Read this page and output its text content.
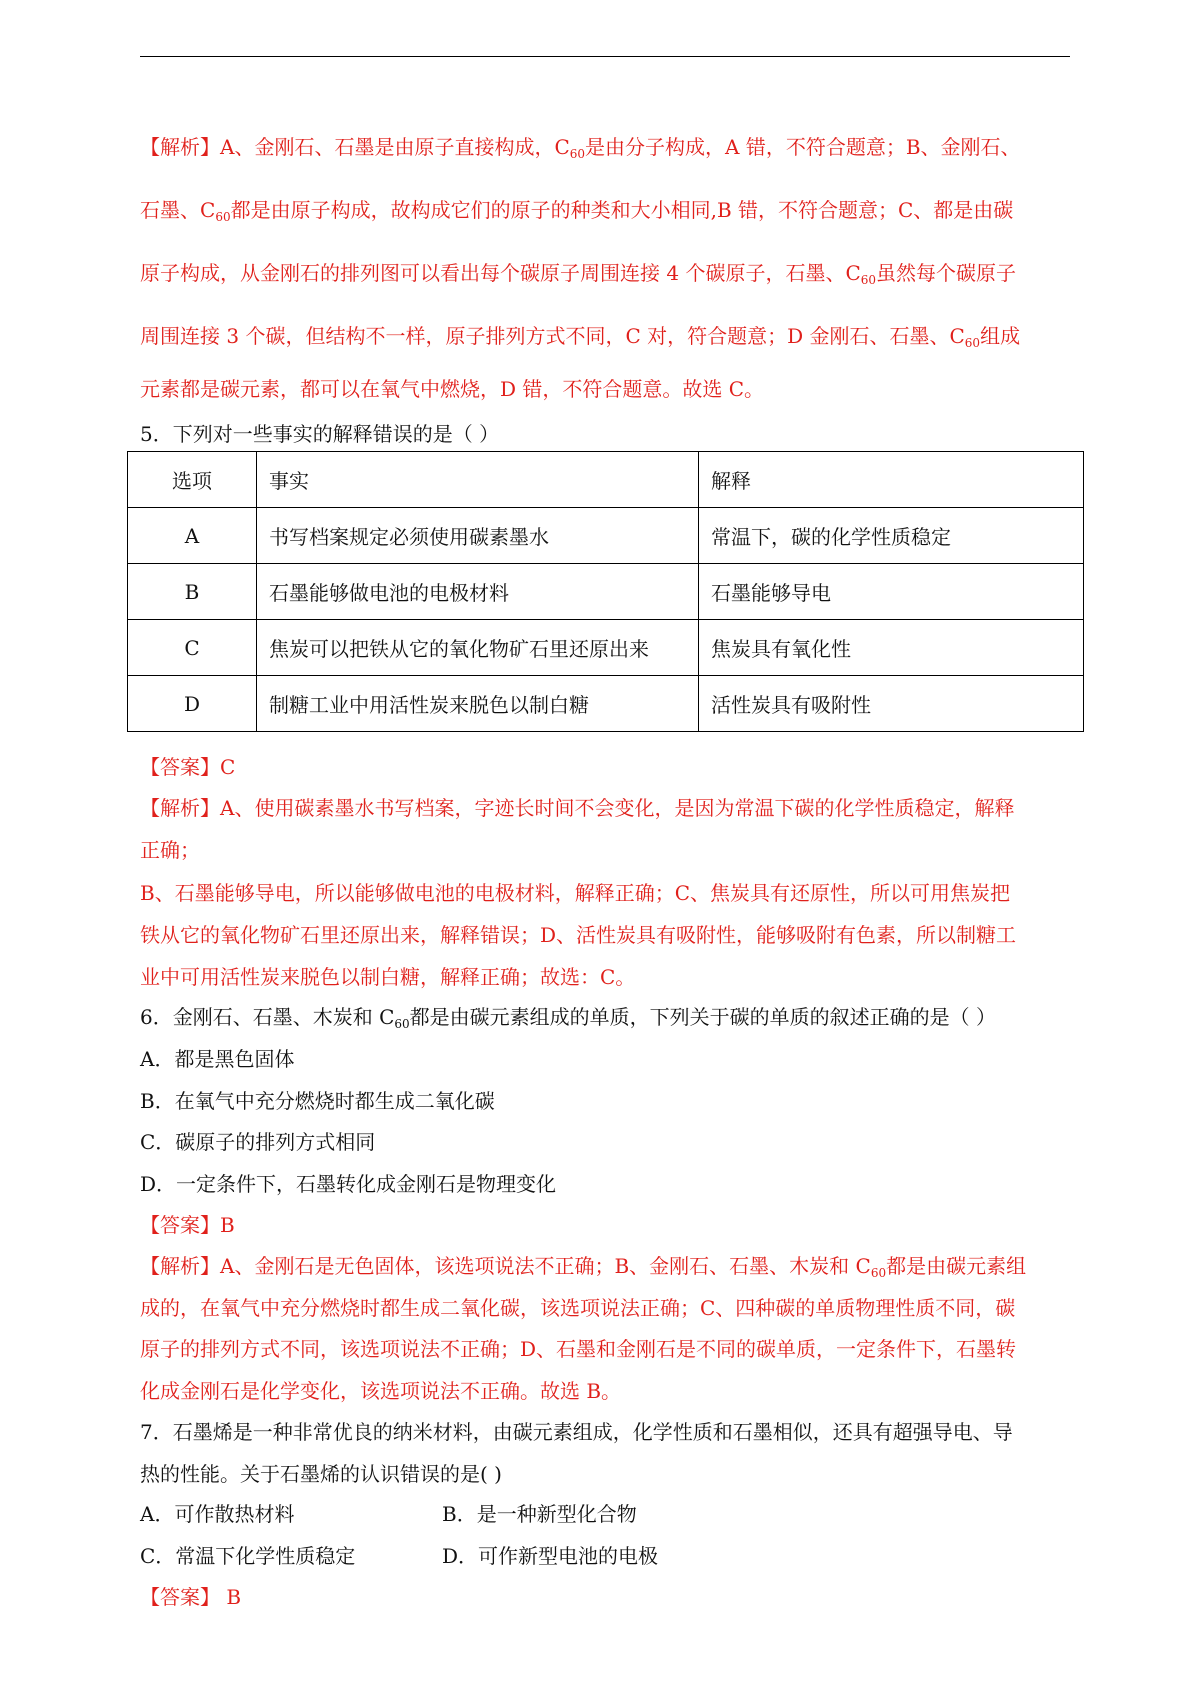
【解析】A、金刚石、石墨是由原子直接构成，$C_{60}$是由分子构成，A 错，不符合题意；B、金刚石、
石墨、$C_{60}$都是由原子构成，故构成它们的原子的种类和大小相同,B 错，不符合题意；C、都是由碳
原子构成，从金刚石的排列图可以看出每个碳原子周围连接 4 个碳原子，石墨、$C_{60}$虽然每个碳原子
周围连接 3 个碳，但结构不一样，原子排列方式不同，C 对，符合题意；D 金刚石、石墨、$C_{60}$组成
元素都是碳元素，都可以在氧气中燃烧，D 错，不符合题意。故选 C。
5．下列对一些事实的解释错误的是（ ）
选项	事实	解释
A	书写档案规定必须使用碳素墨水	常温下，碳的化学性质稳定
B	石墨能够做电池的电极材料	石墨能够导电
C	焦炭可以把铁从它的氧化物矿石里还原出来	焦炭具有氧化性
D	制糖工业中用活性炭来脱色以制白糖	活性炭具有吸附性
【答案】C
【解析】A、使用碳素墨水书写档案，字迹长时间不会变化，是因为常温下碳的化学性质稳定，解释
正确；
B、石墨能够导电，所以能够做电池的电极材料，解释正确；C、焦炭具有还原性，所以可用焦炭把
铁从它的氧化物矿石里还原出来，解释错误；D、活性炭具有吸附性，能够吸附有色素，所以制糖工
业中可用活性炭来脱色以制白糖，解释正确；故选：C。
6．金刚石、石墨、木炭和 $C_{60}$都是由碳元素组成的单质，下列关于碳的单质的叙述正确的是（ ）
A．都是黑色固体
B．在氧气中充分燃烧时都生成二氧化碳
C．碳原子的排列方式相同
D．一定条件下，石墨转化成金刚石是物理变化
【答案】B
【解析】A、金刚石是无色固体，该选项说法不正确；B、金刚石、石墨、木炭和 $C_{60}$都是由碳元素组
成的，在氧气中充分燃烧时都生成二氧化碳，该选项说法正确；C、四种碳的单质物理性质不同，碳
原子的排列方式不同，该选项说法不正确；D、石墨和金刚石是不同的碳单质，一定条件下，石墨转
化成金刚石是化学变化，该选项说法不正确。故选 B。
7．石墨烯是一种非常优良的纳米材料，由碳元素组成，化学性质和石墨相似，还具有超强导电、导
热的性能。关于石墨烯的认识错误的是( )
A．可作散热材料	B．是一种新型化合物
C．常温下化学性质稳定	D．可作新型电池的电极
【答案】 B
